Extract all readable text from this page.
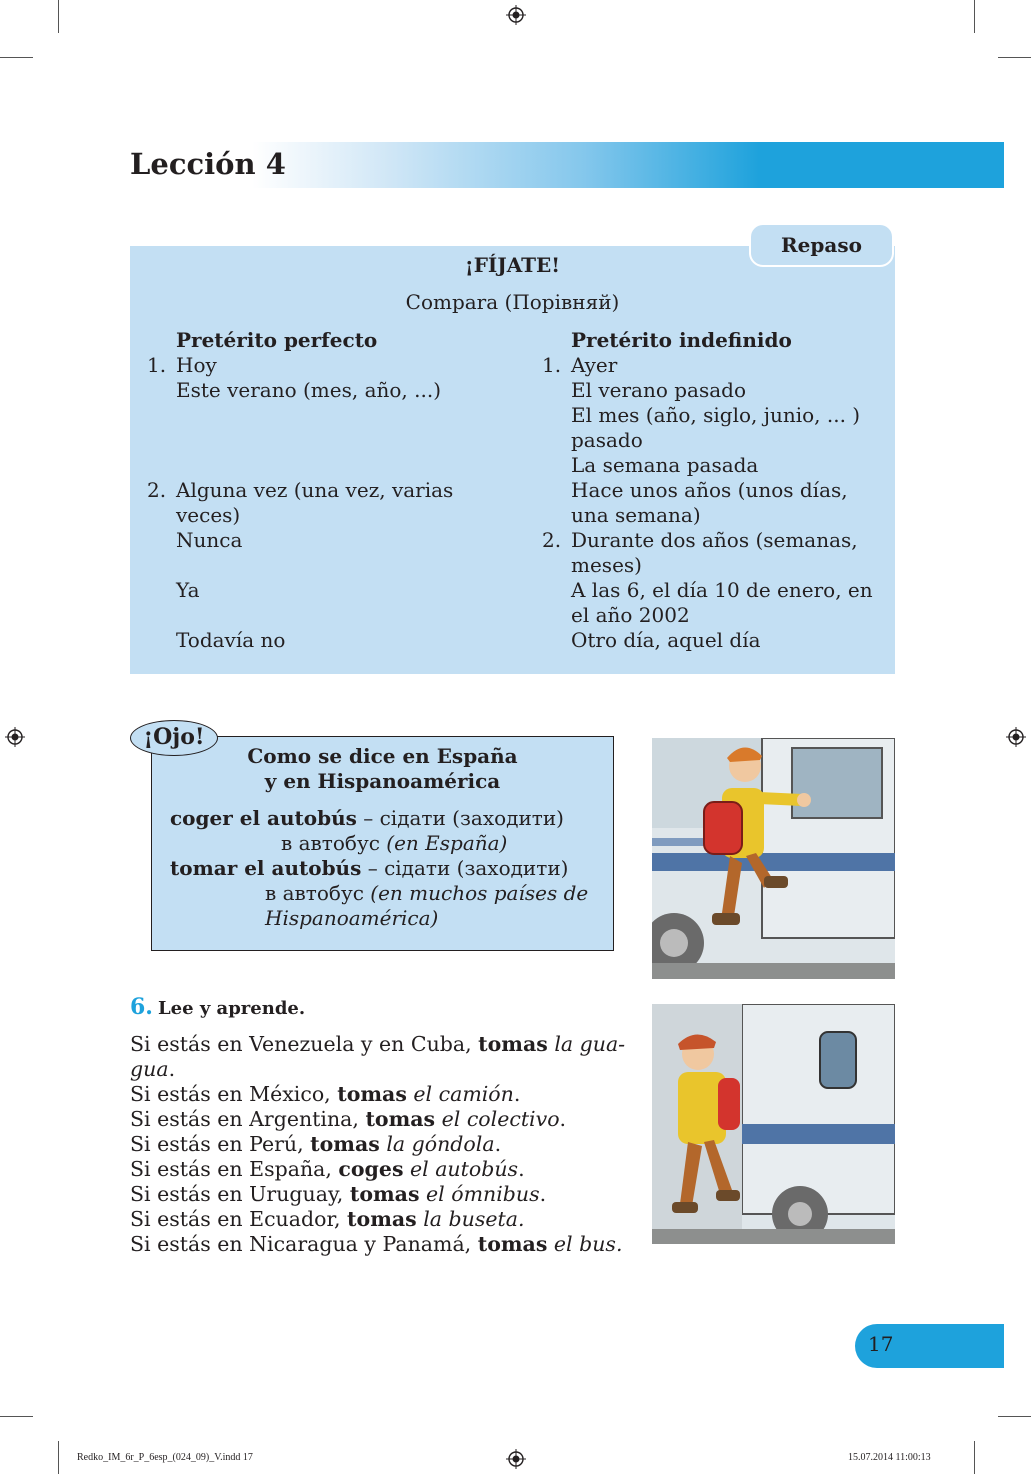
Lección 4
Repaso
¡FÍJATE!
Compara (Порівняй)
Pretérito perfecto	Pretérito indefinido
1. Hoy
Este verano (mes, año, ...)
2. Alguna vez (una vez, varias
veces)
Nunca
Ya
Todavía no
1. Ayer
El verano pasado
El mes (año, siglo, junio, ... )
pasado
La semana pasada
Hace unos años (unos días,
una semana)
2. Durante dos años (semanas,
meses)
A las 6, el día 10 de enero, en
el año 2002
Otro día, aquel día
¡Ojo!
Como se dice en España
y en Hispanoamérica
coger el autobús – сідати (заходити)
в автобус (en España)
tomar el autobús – сідати (заходити)
в автобус (en muchos países de
Hispanoamérica)
6. Lee y aprende.
Si estás en Venezuela y en Cuba, tomas la gua-
gua.
Si estás en México, tomas el camión.
Si estás en Argentina, tomas el colectivo.
Si estás en Perú, tomas la góndola.
Si estás en España, coges el autobús.
Si estás en Uruguay, tomas el ómnibus.
Si estás en Ecuador, tomas la buseta.
Si estás en Nicaragua y Panamá, tomas el bus.
17
Redko_IM_6r_P_6esp_(024_09)_V.indd 17	15.07.2014 11:00:13
